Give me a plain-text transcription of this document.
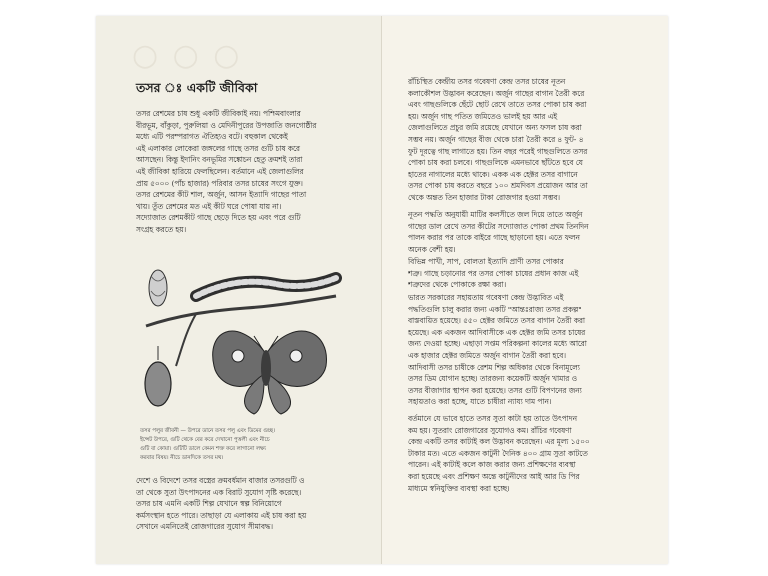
○ ○ ○
তসর ঃ একটি জীবিকা

তসর রেশমের চাষ শুধু একটি জীবিকাই নয়। পশ্চিমবাংলার
বীরভূম, বাঁকুড়া, পুরুলিয়া ও মেদিনীপুরের উপজাতি জনগোষ্ঠীর
মধ্যে এটি পরম্পরাগত ঐতিহ্যও বটে। বহুকাল থেকেই
এই এলাকার লোকেরা জঙ্গলের গাছে তসর গুটি চাষ করে
আসছেন। কিন্তু ইদানিং বনভূমির সঙ্কোচন হেতু ক্রমশই তারা
এই জীবিকা হারিয়ে ফেলছিলেন। বর্তমানে এই জেলাগুলির
প্রায় ৫০০০ (পাঁচ হাজার) পরিবার তসর চাষের সংগে যুক্ত।
তসর রেশমের কীট শাল, অর্জুন, আসন ইত্যাদি গাছের পাতা
খায়। তুঁত রেশমের মত এই কীট ঘরে পোষা যায় না।
সদ্যোজাত রেশমকীট গাছে ছেড়ে দিতে হয় এবং পরে গুটি
সংগ্রহ করতে হয়।

তসর পলুর জীবনী — উপরে ডানে তসর পলু এবং ডিমের গুচ্ছ।
ইন্সেট উপরে, গুটি থেকে বের করে দেখানো পুত্তলী এবং নীচে
গুটি বা কোয়া। গুটিটি ডালে কেমন শক্ত করে লাগানো লক্ষ্য
করবার বিষয়। নীচে ডানদিকে তসর মথ।

দেশে ও বিদেশে তসর বস্ত্রের ক্রমবর্ধমান বাজার তসরগুটি ও
তা থেকে সুতা উৎপাদনের এক বিরাট সুযোগ সৃষ্টি করেছে।
তসর চাষ এমনি একটি শিল্প যেখানে স্বল্প বিনিয়োগে
কর্মসংস্থান হতে পারে। তাছাড়া যে এলাকায় এই চাষ করা হয়
সেখানে এমনিতেই রোজগারের সুযোগ সীমাবদ্ধ।

রাঁচিস্থিত কেন্দ্রীয় তসর গবেষণা কেন্দ্র তসর চাষের নূতন
কলাকৌশল উদ্ভাবন করেছেন। অর্জুন গাছের বাগান তৈরী করে
এবং গাছগুলিকে ছেঁটে ছোট রেখে তাতে তসর পোকা চাষ করা
হয়। অর্জুন গাছ পতিত জমিতেও ভালই হয় আর এই
জেলাগুলিতে প্রচুর জমি রয়েছে যেখানে অন্য ফসল চাষ করা
সম্ভব নয়। অর্জুন গাছের বীজ থেকে চারা তৈরী করে ৪ ফুট- ৪
ফুট দূরত্বে গাছ লাগাতে হয়। তিন বছর পরেই গাছগুলিতে তসর
পোকা চাষ করা চলবে। গাছগুলিকে এমনভাবে ছাঁটতে হবে যে
হাতের নাগালের মধ্যে থাকে। একক এক হেক্টর তসর বাগানে
তসর পোকা চাষ করতে বছরে ১০০ শ্রমদিবস প্রয়োজন আর তা
থেকে অন্তত তিন হাজার টাকা রোজগার হওয়া সম্ভব।

নূতন পদ্ধতি অনুযায়ী মাটির কলসীতে জল দিয়ে তাতে অর্জুন
গাছের ডাল রেখে তসর কীটের সদ্যোজাত পোকা প্রথম তিনদিন
পালন করার পর তাকে বাইরে গাছে ছাড়ানো হয়। এতে ফলন
অনেক বেশী হয়।

বিভিন্ন পাখী, সাপ, বোলতা ইত্যাদি প্রাণী তসর পোকার
শত্রু। গাছে চড়ানোর পর তসর পোকা চাষের প্রধান কাজ এই
শত্রুদের থেকে পোকাকে রক্ষা করা।

ভারত সরকারের সহায়তায় গবেষণা কেন্দ্র উদ্ভাবিত এই
পদ্ধতিগুলি চালু করার জন্য একটি "আন্তঃরাজ্য তসর প্রকল্প"
বাস্তবায়িত হয়েছে। ৫৫০ হেক্টর জমিতে তসর বাগান তৈরী করা
হয়েছে। এক একজন আদিবাসীকে এক হেক্টর জমি তসর চাষের
জন্য দেওয়া হচ্ছে। এছাড়া সপ্তম পরিকল্পনা কালের মধ্যে আরো
এক হাজার হেক্টর জমিতে অর্জুন বাগান তৈরী করা হবে।
আদিবাসী তসর চাষীকে রেশম শিল্প অধিকার থেকে বিনামূল্যে
তসর ডিম যোগান হচ্ছে। তারজন্য কয়েকটি অর্জুন খামার ও
তসর বীজাগার স্থাপন করা হয়েছে। তসর গুটি বিপণনের জন্য
সহায়তাও করা হচ্ছে, যাতে চাষীরা ন্যায্য দাম পান।

বর্তমানে যে ভাবে হাতে তসর সুতা কাটা হয় তাতে উৎপাদন
কম হয়। সুতরাং রোজগারের সুযোগও কম। রাঁচির গবেষণা
কেন্দ্র একটি তসর কাটাই কল উদ্ভাবন করেছেন। এর মূল্য ১৫০০
টাকার মত। এতে একজন কাটুনী দৈনিক ৪০০ গ্রাম সুতা কাটতে
পারেন। এই কাটাই কলে কাজ করার জন্য প্রশিক্ষণের ব্যবস্থা
করা হয়েছে এবং প্রশিক্ষণ অন্তে কাটুনীদের আই আর ডি পির
মাধ্যমে স্বনিযুক্তির ব্যবস্থা করা হচ্ছে।
